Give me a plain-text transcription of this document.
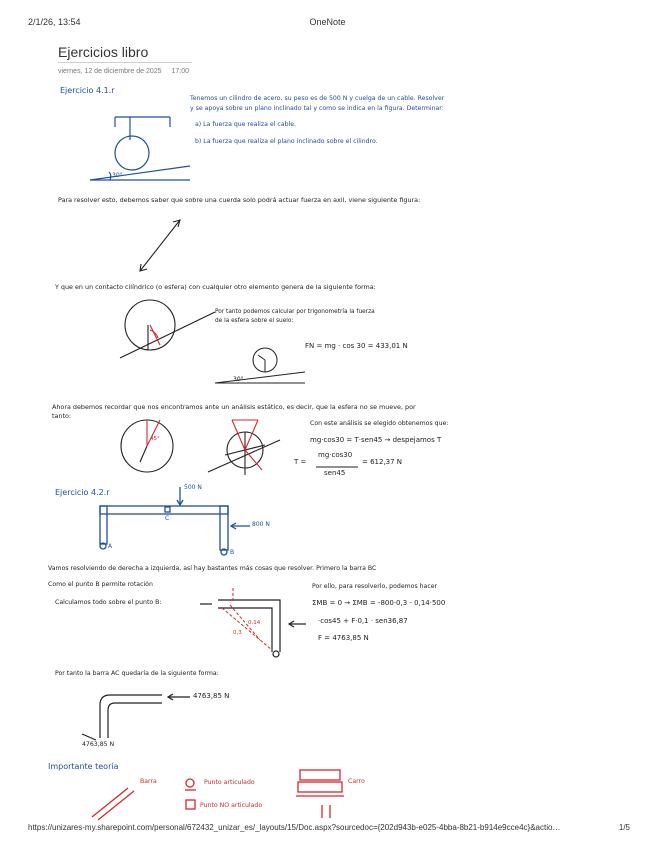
2/1/26, 13:54	OneNote
Ejercicios libro
viernes, 12 de diciembre de 2025 17:00
Ejercicio 4.1.r
Tenemos un cilindro de acero, su peso es de 500 N y cuelga de un cable. Resolver
y se apoya sobre un plano inclinado tal y como se indica en la figura. Determinar:
a) La fuerza que realiza el cable.
b) La fuerza que realiza el plano inclinado sobre el cilindro.
30°
Para resolver esto, debemos saber que sobre una cuerda solo podrá actuar fuerza en axil, viene siguiente figura:
Y que en un contacto cilíndrico (o esfera) con cualquier otro elemento genera de la siguiente forma:
Por tanto podemos calcular por trigonometría la fuerza
de la esfera sobre el suelo:
FN = mg · cos 30 = 433,01 N
30°
Ahora debemos recordar que nos encontramos ante un análisis estático, es decir, que la esfera no se mueve, por
tanto:
Con este análisis se elegido obtenemos que:
mg·cos30 = T·sen45 → despejamos T
T =
mg·cos30
sen45
= 612,37 N
45°
Ejercicio 4.2.r
500 N
800 N
A
B
C
Vamos resolviendo de derecha a izquierda, así hay bastantes más cosas que resolver. Primero la barra BC
Como el punto B permite rotación
Calculamos todo sobre el punto B:
Por ello, para resolverlo, podemos hacer
ΣMB = 0 → ΣMB = -800·0,3 - 0,14·500
·cos45 + F·0,1 · sen36,87
F = 4763,85 N
0,14
0,3
Por tanto la barra AC quedaría de la siguiente forma:
4763,85 N
4763,85 N
Importante teoría
Barra	Punto articulado
Punto NO articulado
Carro
https://unizares-my.sharepoint.com/personal/672432_unizar_es/_layouts/15/Doc.aspx?sourcedoc={202d943b-e025-4bba-8b21-b914e9cce4c}&actio…	1/5
